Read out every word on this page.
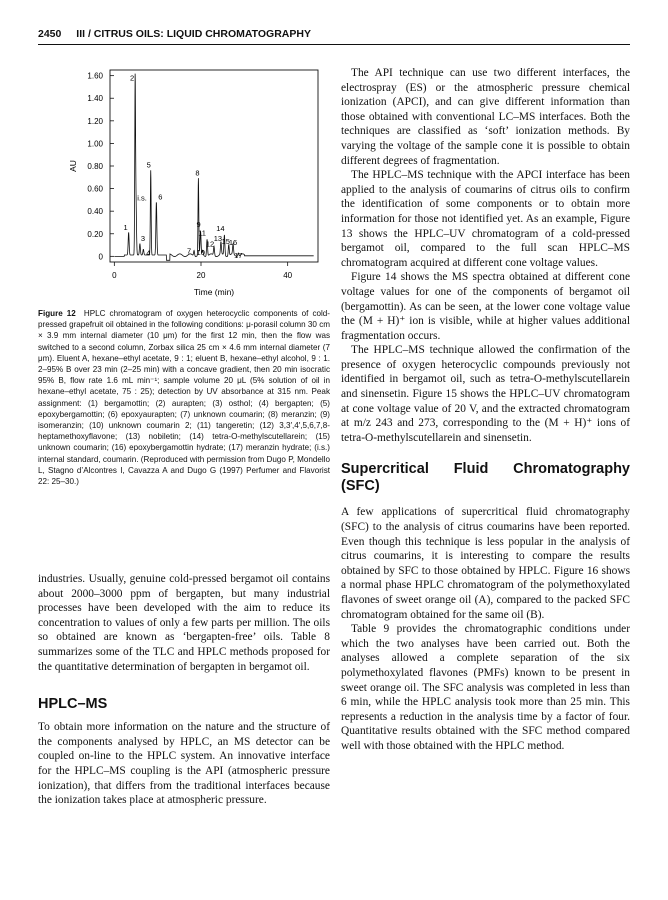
2450 III / CITRUS OILS: LIQUID CHROMATOGRAPHY
0
0.20
0.40
0.60
0.80
1.00
1.20
1.40
1.60
0	20	40
Time (min)
AU
1
2
i.s.
3
4
5
6
7
8
9
10
11
12
13
14
15
16
17
Figure 12 HPLC chromatogram of oxygen heterocyclic components of cold-pressed grapefruit oil obtained in the following conditions: μ-porasil column 30 cm × 3.9 mm internal diameter (10 μm) for the first 12 min, then the flow was switched to a second column, Zorbax silica 25 cm × 4.6 mm internal diameter (7 μm). Eluent A, hexane–ethyl acetate, 9 : 1; eluent B, hexane–ethyl alcohol, 9 : 1. 2–95% B over 23 min (2–25 min) with a concave gradient, then 20 min isocratic 95% B, flow rate 1.6 mL min⁻¹; sample volume 20 μL (5% solution of oil in hexane–ethyl acetate, 75 : 25); detection by UV absorbance at 315 nm. Peak assignment: (1) bergamottin; (2) aurapten; (3) osthol; (4) bergapten; (5) epoxybergamottin; (6) epoxyaurapten; (7) unknown coumarin; (8) meranzin; (9) isomeranzin; (10) unknown coumarin 2; (11) tangeretin; (12) 3,3′,4′,5,6,7,8-heptamethoxyflavone; (13) nobiletin; (14) tetra-O-methylscutellarein; (15) unknown coumarin; (16) epoxybergamottin hydrate; (17) meranzin hydrate; (i.s.) internal standard, coumarin. (Reproduced with permission from Dugo P, Mondello L, Stagno d’Alcontres I, Cavazza A and Dugo G (1997) Perfumer and Flavorist 22: 25–30.)

industries. Usually, genuine cold-pressed bergamot oil contains about 2000–3000 ppm of bergapten, but many industrial processes have been developed with the aim to reduce its concentration to values of only a few parts per million. The oils so obtained are known as ‘bergapten-free’ oils. Table 8 summarizes some of the TLC and HPLC methods proposed for the quantitative determination of bergapten in bergamot oil.

HPLC–MS

To obtain more information on the nature and the structure of the components analysed by HPLC, an MS detector can be coupled on-line to the HPLC system. An innovative interface for the HPLC–MS coupling is the API (atmospheric pressure ionization), that differs from the traditional interfaces because the ionization takes place at atmospheric pressure.

The API technique can use two different interfaces, the electrospray (ES) or the atmospheric pressure chemical ionization (APCI), and can give different information than those obtained with conventional LC–MS interfaces. Both the techniques are classified as ‘soft’ ionization methods. By varying the voltage of the sample cone it is possible to obtain different degrees of fragmentation.

The HPLC–MS technique with the APCI interface has been applied to the analysis of coumarins of citrus oils to confirm the identification of some components or to obtain more information for those not identified yet. As an example, Figure 13 shows the HPLC–UV chromatogram of a cold-pressed bergamot oil, compared to the full scan HPLC–MS chromatogram acquired at different cone voltage values.

Figure 14 shows the MS spectra obtained at different cone voltage values for one of the components of bergamot oil (bergamottin). As can be seen, at the lower cone voltage value the (M + H)⁺ ion is visible, while at higher values additional fragmentation occurs.

The HPLC–MS technique allowed the confirmation of the presence of oxygen heterocyclic compounds previously not identified in bergamot oil, such as tetra-O-methylscutellarein and sinensetin. Figure 15 shows the HPLC–UV chromatogram at cone voltage value of 20 V, and the extracted chromatogram at m/z 243 and 273, corresponding to the (M + H)⁺ ions of tetra-O-methylscutellarein and sinensetin.

Supercritical Fluid Chromatography (SFC)

A few applications of supercritical fluid chromatography (SFC) to the analysis of citrus coumarins have been reported. Even though this technique is less popular in the analysis of citrus coumarins, it is interesting to compare the results obtained by SFC to those obtained by HPLC. Figure 16 shows a normal phase HPLC chromatogram of the polymethoxylated flavones of sweet orange oil (A), compared to the packed SFC chromatogram obtained for the same oil (B).

Table 9 provides the chromatographic conditions under which the two analyses have been carried out. Both the analyses allowed a complete separation of the six polymethoxylated flavones (PMFs) known to be present in sweet orange oil. The SFC analysis was completed in less than 6 min, while the HPLC analysis took more than 25 min. This represents a reduction in the analysis time by a factor of four. Quantitative results obtained with the SFC method compared well with those obtained with the HPLC method.
